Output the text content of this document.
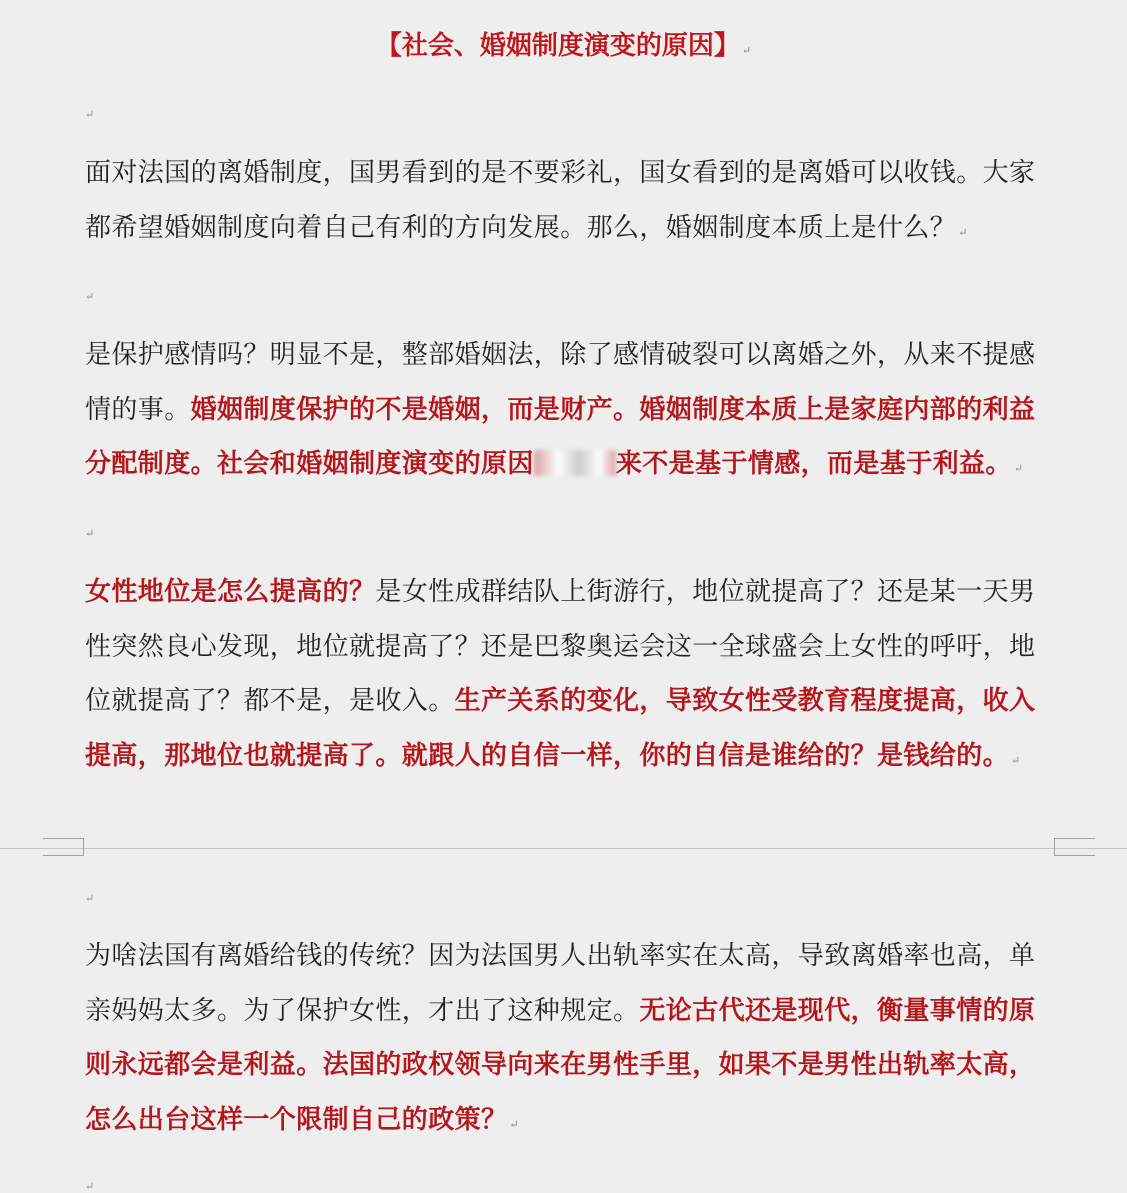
【社会、婚姻制度演变的原因】 ↵
↵

面对法国的离婚制度，国男看到的是不要彩礼，国女看到的是离婚可以收钱。大家都希望婚姻制度向着自己有利的方向发展。那么，婚姻制度本质上是什么？ ↵

↵

是保护感情吗？明显不是，整部婚姻法，除了感情破裂可以离婚之外，从来不提感情的事。婚姻制度保护的不是婚姻，而是财产。婚姻制度本质上是家庭内部的利益分配制度。社会和婚姻制度演变的原因	来不是基于情感，而是基于利益。 ↵

↵

女性地位是怎么提高的？是女性成群结队上街游行，地位就提高了？还是某一天男性突然良心发现，地位就提高了？还是巴黎奥运会这一全球盛会上女性的呼吁，地位就提高了？都不是，是收入。生产关系的变化，导致女性受教育程度提高，收入提高，那地位也就提高了。就跟人的自信一样，你的自信是谁给的？是钱给的。 ↵

↵

为啥法国有离婚给钱的传统？因为法国男人出轨率实在太高，导致离婚率也高，单亲妈妈太多。为了保护女性，才出了这种规定。无论古代还是现代，衡量事情的原则永远都会是利益。法国的政权领导向来在男性手里，如果不是男性出轨率太高，怎么出台这样一个限制自己的政策？ ↵

↵
